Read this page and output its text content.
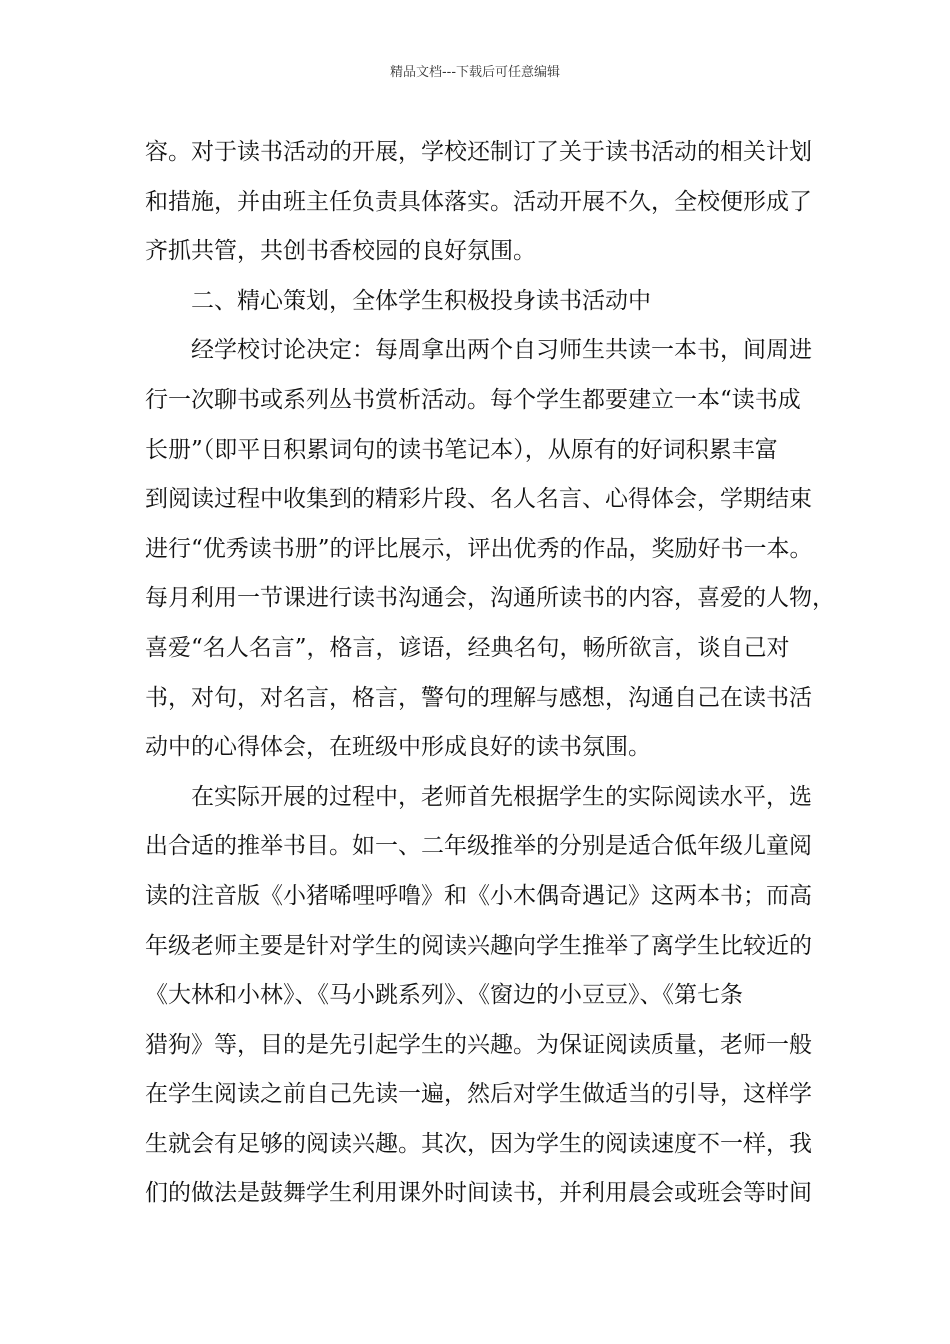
精品文档---下载后可任意编辑
容。对于读书活动的开展，学校还制订了关于读书活动的相关计划
和措施，并由班主任负责具体落实。活动开展不久，全校便形成了
齐抓共管，共创书香校园的良好氛围。
二、精心策划，全体学生积极投身读书活动中
经学校讨论决定：每周拿出两个自习师生共读一本书，间周进
行一次聊书或系列丛书赏析活动。每个学生都要建立一本“读书成
长册”（即平日积累词句的读书笔记本），从原有的好词积累丰富
到阅读过程中收集到的精彩片段、名人名言、心得体会，学期结束
进行“优秀读书册”的评比展示，评出优秀的作品，奖励好书一本。
每月利用一节课进行读书沟通会，沟通所读书的内容，喜爱的人物，
喜爱“名人名言”，格言，谚语，经典名句，畅所欲言，谈自己对
书，对句，对名言，格言，警句的理解与感想，沟通自己在读书活
动中的心得体会，在班级中形成良好的读书氛围。
在实际开展的过程中，老师首先根据学生的实际阅读水平，选
出合适的推举书目。如一、二年级推举的分别是适合低年级儿童阅
读的注音版《小猪唏哩呼噜》和《小木偶奇遇记》这两本书；而高
年级老师主要是针对学生的阅读兴趣向学生推举了离学生比较近的
《大林和小林》、《马小跳系列》、《窗边的小豆豆》、《第七条
猎狗》等，目的是先引起学生的兴趣。为保证阅读质量，老师一般
在学生阅读之前自己先读一遍，然后对学生做适当的引导，这样学
生就会有足够的阅读兴趣。其次，因为学生的阅读速度不一样，我
们的做法是鼓舞学生利用课外时间读书，并利用晨会或班会等时间
